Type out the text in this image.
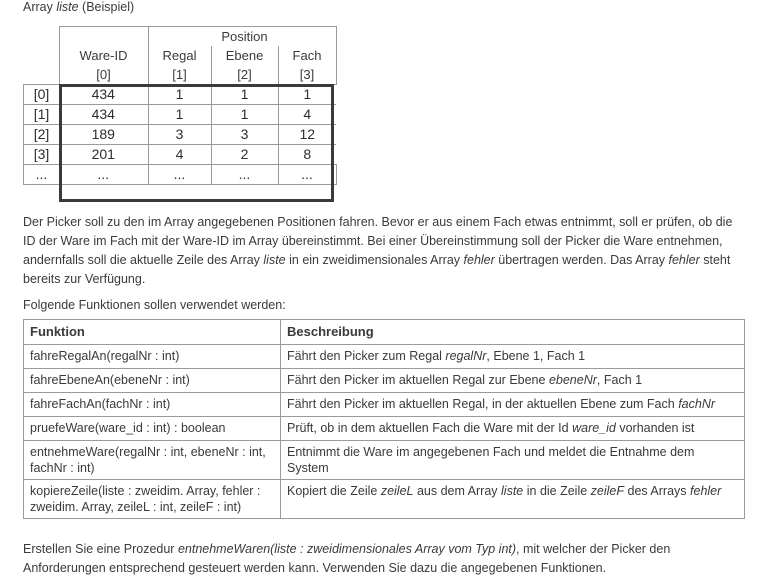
Array liste (Beispiel)
			Position	
	Ware-ID	Regal	Ebene	Fach
	[0]	[1]	[2]	[3]
[0]	434	1	1	1
[1]	434	1	1	4
[2]	189	3	3	12
[3]	201	4	2	8
...	...	...	...	...
Der Picker soll zu den im Array angegebenen Positionen fahren. Bevor er aus einem Fach etwas entnimmt, soll er prüfen, ob die ID der Ware im Fach mit der Ware-ID im Array übereinstimmt. Bei einer Übereinstimmung soll der Picker die Ware entnehmen, andernfalls soll die aktuelle Zeile des Array liste in ein zweidimensionales Array fehler übertragen werden. Das Array fehler steht bereits zur Verfügung.
Folgende Funktionen sollen verwendet werden:
Funktion	Beschreibung
fahreRegalAn(regalNr : int)	Fährt den Picker zum Regal regalNr, Ebene 1, Fach 1
fahreEbeneAn(ebeneNr : int)	Fährt den Picker im aktuellen Regal zur Ebene ebeneNr, Fach 1
fahreFachAn(fachNr : int)	Fährt den Picker im aktuellen Regal, in der aktuellen Ebene zum Fach fachNr
pruefeWare(ware_id : int) : boolean	Prüft, ob in dem aktuellen Fach die Ware mit der Id ware_id vorhanden ist
entnehmeWare(regalNr : int, ebeneNr : int, fachNr : int)	Entnimmt die Ware im angegebenen Fach und meldet die Entnahme dem System
kopiereZeile(liste : zweidim. Array, fehler : zweidim. Array, zeileL : int, zeileF : int)	Kopiert die Zeile zeileL aus dem Array liste in die Zeile zeileF des Arrays fehler
Erstellen Sie eine Prozedur entnehmeWaren(liste : zweidimensionales Array vom Typ int), mit welcher der Picker den Anforderungen entsprechend gesteuert werden kann. Verwenden Sie dazu die angegebenen Funktionen.
